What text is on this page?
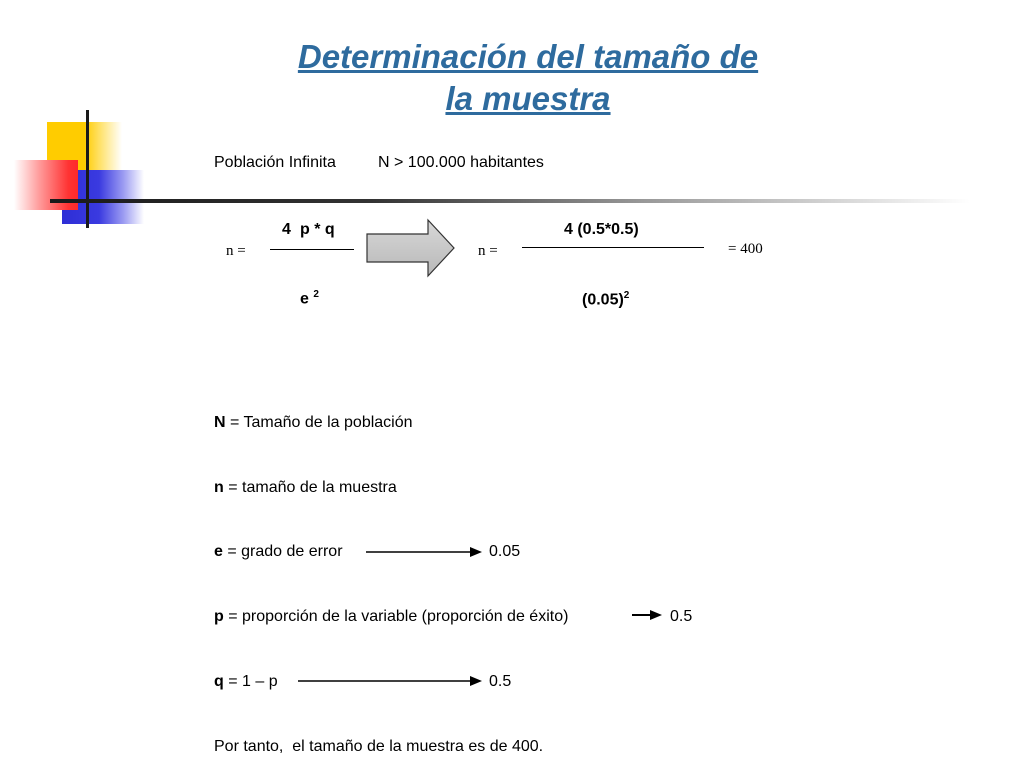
Determinación del tamaño de
la muestra
Población Infinita	N > 100.000 habitantes
n =
4 p * q
e $^2$
n =
4 (0.5*0.5)
$(0.05)^2$
= 400
N = Tamaño de la población
n = tamaño de la muestra
e = grado de error	0.05
p = proporción de la variable (proporción de éxito)	0.5
q = 1 – p	0.5
Por tanto,  el tamaño de la muestra es de 400.
